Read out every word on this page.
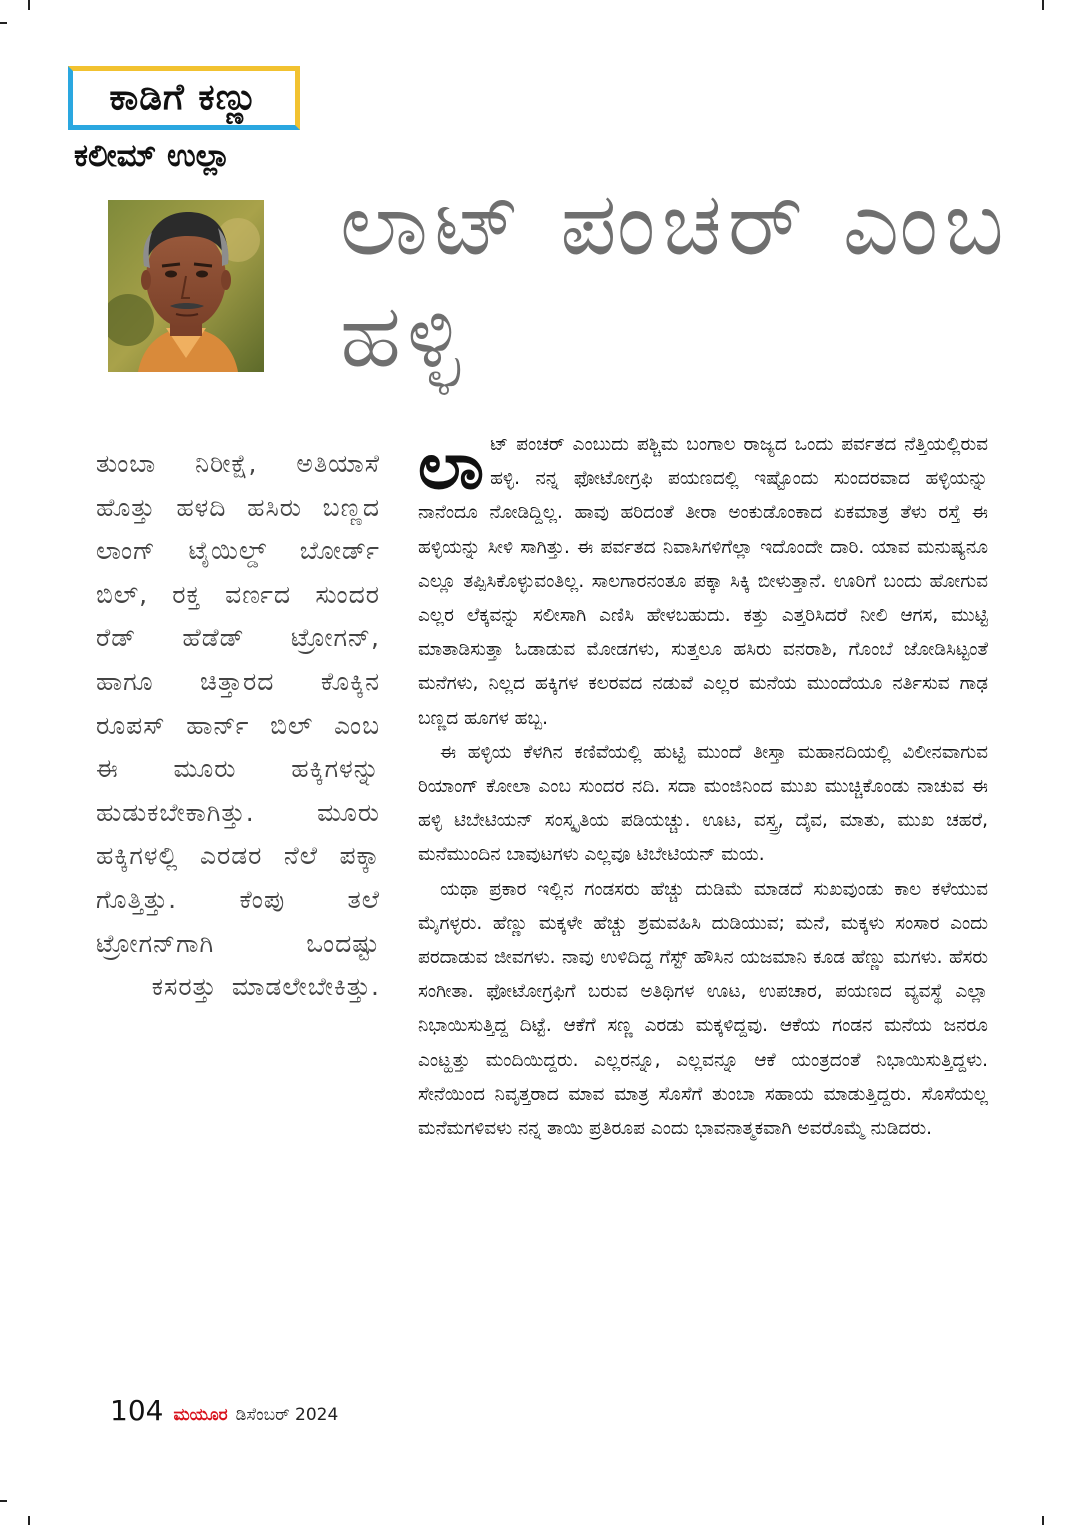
ಕಾಡಿಗೆ ಕಣ್ಣು
ಕಲೀಮ್ ಉಲ್ಲಾ
ಲಾಟ್ ಪಂಚರ್ ಎಂಬ ಹಳ್ಳಿ

ತುಂಬಾ ನಿರೀಕ್ಷೆ, ಅತಿಯಾಸೆ ಹೊತ್ತು ಹಳದಿ ಹಸಿರು ಬಣ್ಣದ ಲಾಂಗ್ ಟೈಯಿಲ್ಡ್ ಬೋರ್ಡ್ ಬಿಲ್, ರಕ್ತ ವರ್ಣದ ಸುಂದರ ರೆಡ್ ಹೆಡೆಡ್ ಟ್ರೋಗನ್, ಹಾಗೂ ಚಿತ್ತಾರದ ಕೊಕ್ಕಿನ ರೂಪಸ್ ಹಾರ್ನ್ ಬಿಲ್ ಎಂಬ ಈ ಮೂರು ಹಕ್ಕಿಗಳನ್ನು ಹುಡುಕಬೇಕಾಗಿತ್ತು. ಮೂರು ಹಕ್ಕಿಗಳಲ್ಲಿ ಎರಡರ ನೆಲೆ ಪಕ್ಕಾ ಗೊತ್ತಿತ್ತು. ಕೆಂಪು ತಲೆ ಟ್ರೋಗನ್‌ಗಾಗಿ ಒಂದಷ್ಟು ಕಸರತ್ತು ಮಾಡಲೇಬೇಕಿತ್ತು.

ಲಾಟ್ ಪಂಚರ್ ಎಂಬುದು ಪಶ್ಚಿಮ ಬಂಗಾಲ ರಾಜ್ಯದ ಒಂದು ಪರ್ವತದ ನೆತ್ತಿಯಲ್ಲಿರುವ ಹಳ್ಳಿ. ನನ್ನ ಫೋಟೋಗ್ರಫಿ ಪಯಣದಲ್ಲಿ ಇಷ್ಟೊಂದು ಸುಂದರವಾದ ಹಳ್ಳಿಯನ್ನು ನಾನೆಂದೂ ನೋಡಿದ್ದಿಲ್ಲ. ಹಾವು ಹರಿದಂತೆ ತೀರಾ ಅಂಕುಡೊಂಕಾದ ಏಕಮಾತ್ರ ತೆಳು ರಸ್ತೆ ಈ ಹಳ್ಳಿಯನ್ನು ಸೀಳಿ ಸಾಗಿತ್ತು. ಈ ಪರ್ವತದ ನಿವಾಸಿಗಳಿಗೆಲ್ಲಾ ಇದೊಂದೇ ದಾರಿ. ಯಾವ ಮನುಷ್ಯನೂ ಎಲ್ಲೂ ತಪ್ಪಿಸಿಕೊಳ್ಳುವಂತಿಲ್ಲ. ಸಾಲಗಾರನಂತೂ ಪಕ್ಕಾ ಸಿಕ್ಕಿ ಬೀಳುತ್ತಾನೆ. ಊರಿಗೆ ಬಂದು ಹೋಗುವ ಎಲ್ಲರ ಲೆಕ್ಕವನ್ನು ಸಲೀಸಾಗಿ ಎಣಿಸಿ ಹೇಳಬಹುದು. ಕತ್ತು ಎತ್ತರಿಸಿದರೆ ನೀಲಿ ಆಗಸ, ಮುಟ್ಟಿ ಮಾತಾಡಿಸುತ್ತಾ ಓಡಾಡುವ ಮೋಡಗಳು, ಸುತ್ತಲೂ ಹಸಿರು ವನರಾಶಿ, ಗೊಂಬೆ ಜೋಡಿಸಿಟ್ಟಂತೆ ಮನೆಗಳು, ನಿಲ್ಲದ ಹಕ್ಕಿಗಳ ಕಲರವದ ನಡುವೆ ಎಲ್ಲರ ಮನೆಯ ಮುಂದೆಯೂ ನರ್ತಿಸುವ ಗಾಢ ಬಣ್ಣದ ಹೂಗಳ ಹಬ್ಬ.

ಈ ಹಳ್ಳಿಯ ಕೆಳಗಿನ ಕಣಿವೆಯಲ್ಲಿ ಹುಟ್ಟಿ ಮುಂದೆ ತೀಸ್ತಾ ಮಹಾನದಿಯಲ್ಲಿ ವಿಲೀನವಾಗುವ ರಿಯಾಂಗ್ ಕೋಲಾ ಎಂಬ ಸುಂದರ ನದಿ. ಸದಾ ಮಂಜಿನಿಂದ ಮುಖ ಮುಚ್ಚಿಕೊಂಡು ನಾಚುವ ಈ ಹಳ್ಳಿ ಟಿಬೇಟಿಯನ್ ಸಂಸ್ಕೃತಿಯ ಪಡಿಯಚ್ಚು. ಊಟ, ವಸ್ತ್ರ, ದೈವ, ಮಾತು, ಮುಖ ಚಹರೆ, ಮನೆಮುಂದಿನ ಬಾವುಟಗಳು ಎಲ್ಲವೂ ಟಿಬೇಟಿಯನ್ ಮಯ.

ಯಥಾ ಪ್ರಕಾರ ಇಲ್ಲಿನ ಗಂಡಸರು ಹೆಚ್ಚು ದುಡಿಮೆ ಮಾಡದೆ ಸುಖವುಂಡು ಕಾಲ ಕಳೆಯುವ ಮೈಗಳ್ಳರು. ಹೆಣ್ಣು ಮಕ್ಕಳೇ ಹೆಚ್ಚು ಶ್ರಮವಹಿಸಿ ದುಡಿಯುವ; ಮನೆ, ಮಕ್ಕಳು ಸಂಸಾರ ಎಂದು ಪರದಾಡುವ ಜೀವಗಳು. ನಾವು ಉಳಿದಿದ್ದ ಗೆಸ್ಟ್ ಹೌಸಿನ ಯಜಮಾನಿ ಕೂಡ ಹೆಣ್ಣು ಮಗಳು. ಹೆಸರು ಸಂಗೀತಾ. ಫೋಟೋಗ್ರಫಿಗೆ ಬರುವ ಅತಿಥಿಗಳ ಊಟ, ಉಪಚಾರ, ಪಯಣದ ವ್ಯವಸ್ಥೆ ಎಲ್ಲಾ ನಿಭಾಯಿಸುತ್ತಿದ್ದ ದಿಟ್ಟೆ. ಆಕೆಗೆ ಸಣ್ಣ ಎರಡು ಮಕ್ಕಳಿದ್ದವು. ಆಕೆಯ ಗಂಡನ ಮನೆಯ ಜನರೂ ಎಂಟ್ಹತ್ತು ಮಂದಿಯಿದ್ದರು. ಎಲ್ಲರನ್ನೂ, ಎಲ್ಲವನ್ನೂ ಆಕೆ ಯಂತ್ರದಂತೆ ನಿಭಾಯಿಸುತ್ತಿದ್ದಳು. ಸೇನೆಯಿಂದ ನಿವೃತ್ತರಾದ ಮಾವ ಮಾತ್ರ ಸೊಸೆಗೆ ತುಂಬಾ ಸಹಾಯ ಮಾಡುತ್ತಿದ್ದರು. ಸೊಸೆಯಲ್ಲ ಮನೆಮಗಳಿವಳು ನನ್ನ ತಾಯಿ ಪ್ರತಿರೂಪ ಎಂದು ಭಾವನಾತ್ಮಕವಾಗಿ ಅವರೊಮ್ಮೆ ನುಡಿದರು.

104 ಮಯೂರ ಡಿಸೆಂಬರ್ 2024
